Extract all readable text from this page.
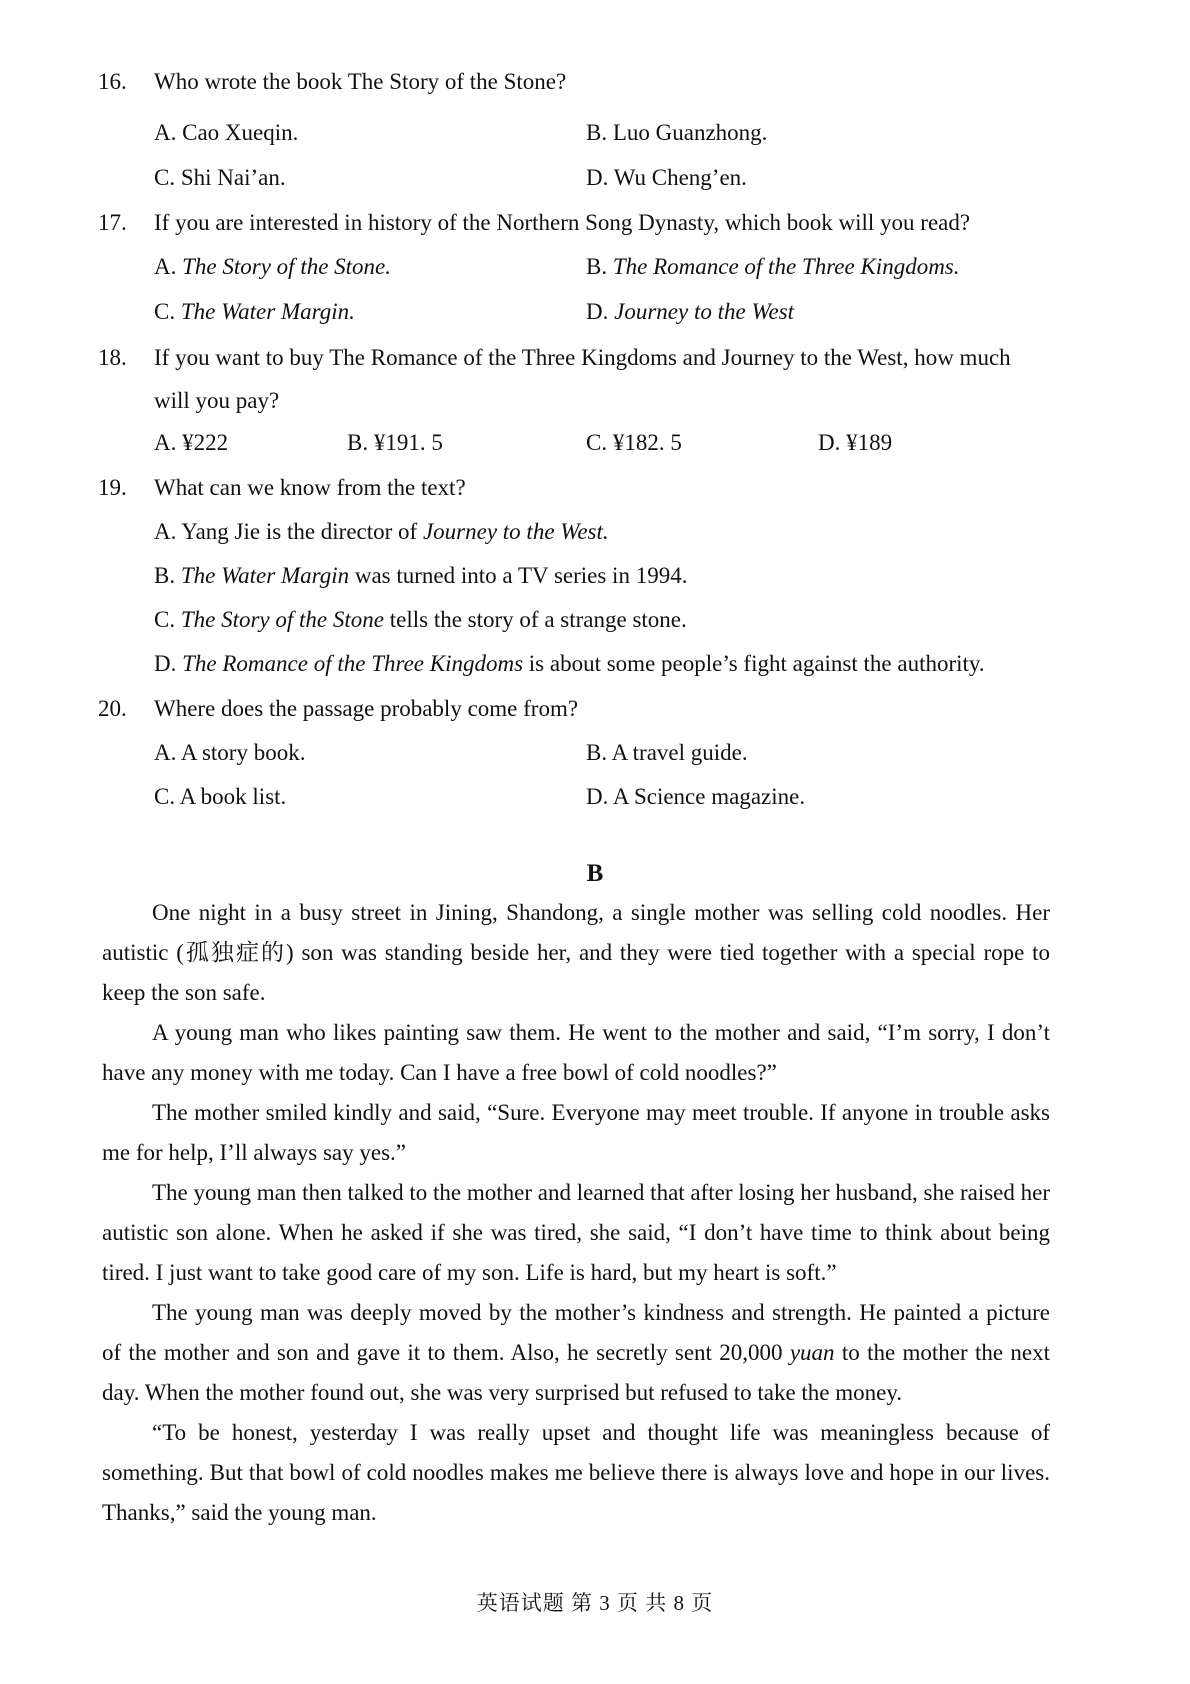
16. Who wrote the book The Story of the Stone?
A. Cao Xueqin.	B. Luo Guanzhong.
C. Shi Nai’an.	D. Wu Cheng’en.
17. If you are interested in history of the Northern Song Dynasty, which book will you read?
A. The Story of the Stone.	B. The Romance of the Three Kingdoms.
C. The Water Margin.	D. Journey to the West
18. If you want to buy The Romance of the Three Kingdoms and Journey to the West, how much
will you pay?
A. ¥222	B. ¥191. 5	C. ¥182. 5	D. ¥189
19. What can we know from the text?
A. Yang Jie is the director of Journey to the West.
B. The Water Margin was turned into a TV series in 1994.
C. The Story of the Stone tells the story of a strange stone.
D. The Romance of the Three Kingdoms is about some people’s fight against the authority.
20. Where does the passage probably come from?
A. A story book.	B. A travel guide.
C. A book list.	D. A Science magazine.
B

One night in a busy street in Jining, Shandong, a single mother was selling cold noodles. Her autistic (孤独症的) son was standing beside her, and they were tied together with a special rope to keep the son safe.

A young man who likes painting saw them. He went to the mother and said, “I’m sorry, I don’t have any money with me today. Can I have a free bowl of cold noodles?”

The mother smiled kindly and said, “Sure. Everyone may meet trouble. If anyone in trouble asks me for help, I’ll always say yes.”

The young man then talked to the mother and learned that after losing her husband, she raised her autistic son alone. When he asked if she was tired, she said, “I don’t have time to think about being tired. I just want to take good care of my son. Life is hard, but my heart is soft.”

The young man was deeply moved by the mother’s kindness and strength. He painted a picture of the mother and son and gave it to them. Also, he secretly sent 20,000 yuan to the mother the next day. When the mother found out, she was very surprised but refused to take the money.

“To be honest, yesterday I was really upset and thought life was meaningless because of something. But that bowl of cold noodles makes me believe there is always love and hope in our lives. Thanks,” said the young man.

英语试题 第 3 页 共 8 页
